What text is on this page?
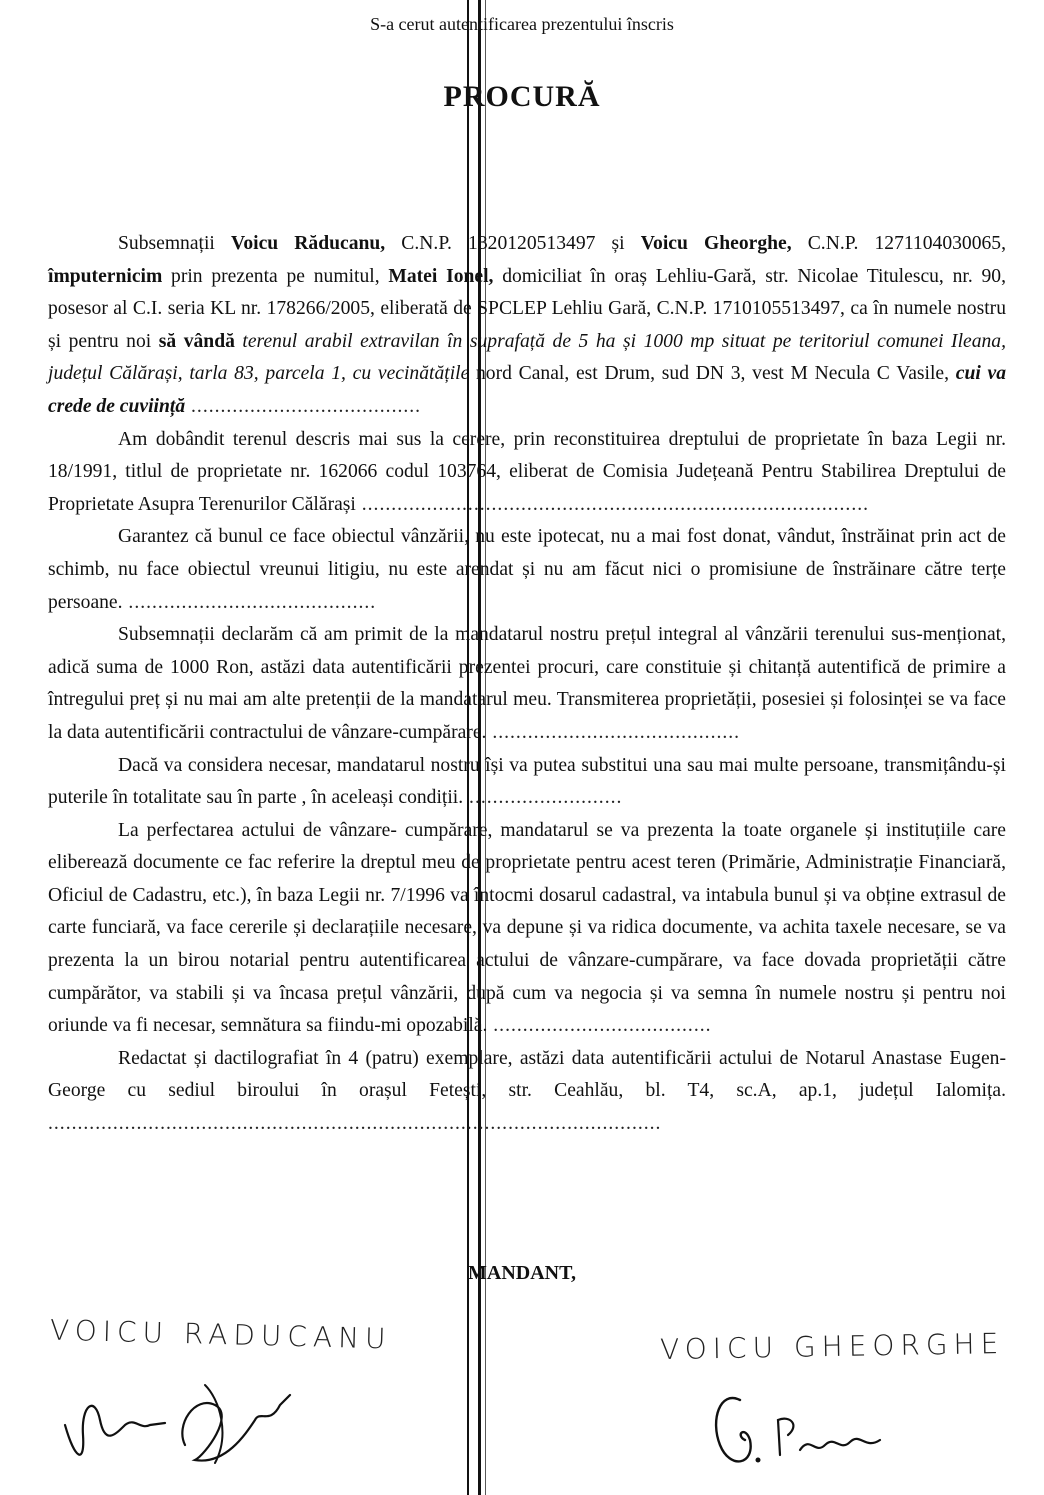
S-a cerut autentificarea prezentului înscris
PROCURĂ

Subsemnații Voicu Răducanu, C.N.P. 1320120513497 și Voicu Gheorghe, C.N.P. 1271104030065, împuternicim prin prezenta pe numitul, Matei Ionel, domiciliat în oraș Lehliu-Gară, str. Nicolae Titulescu, nr. 90, posesor al C.I. seria KL nr. 178266/2005, eliberată de SPCLEP Lehliu Gară, C.N.P. 1710105513497, ca în numele nostru și pentru noi să vândă terenul arabil extravilan în suprafață de 5 ha și 1000 mp situat pe teritoriul comunei Ileana, județul Călărași, tarla 83, parcela 1, cu vecinătățile nord Canal, est Drum, sud DN 3, vest M Necula C Vasile, cui va crede de cuviință .......................................

Am dobândit terenul descris mai sus la cerere, prin reconstituirea dreptului de proprietate în baza Legii nr. 18/1991, titlul de proprietate nr. 162066 codul 103764, eliberat de Comisia Județeană Pentru Stabilirea Dreptului de Proprietate Asupra Terenurilor Călărași ......................................................................................

Garantez că bunul ce face obiectul vânzării, nu este ipotecat, nu a mai fost donat, vândut, înstrăinat prin act de schimb, nu face obiectul vreunui litigiu, nu este arendat și nu am făcut nici o promisiune de înstrăinare către terțe persoane. ..........................................

Subsemnații declarăm că am primit de la mandatarul nostru prețul integral al vânzării terenului sus-menționat, adică suma de 1000 Ron, astăzi data autentificării prezentei procuri, care constituie și chitanță autentifică de primire a întregului preț și nu mai am alte pretenții de la mandatarul meu. Transmiterea proprietății, posesiei și folosinței se va face la data autentificării contractului de vânzare-cumpărare. ..........................................

Dacă va considera necesar, mandatarul nostru își va putea substitui una sau mai multe persoane, transmițându-și puterile în totalitate sau în parte , în aceleași condiții. ..........................

La perfectarea actului de vânzare- cumpărare, mandatarul se va prezenta la toate organele și instituțiile care eliberează documente ce fac referire la dreptul meu de proprietate pentru acest teren (Primărie, Administrație Financiară, Oficiul de Cadastru, etc.), în baza Legii nr. 7/1996 va întocmi dosarul cadastral, va intabula bunul și va obține extrasul de carte funciară, va face cererile și declarațiile necesare, va depune și va ridica documente, va achita taxele necesare, se va prezenta la un birou notarial pentru autentificarea actului de vânzare-cumpărare, va face dovada proprietății către cumpărător, va stabili și va încasa prețul vânzării, după cum va negocia și va semna în numele nostru și pentru noi oriunde va fi necesar, semnătura sa fiindu-mi opozabilă. .....................................

Redactat și dactilografiat în 4 (patru) exemplare, astăzi data autentificării actului de Notarul Anastase Eugen-George cu sediul biroului în orașul Fetești, str. Ceahlău, bl. T4, sc.A, ap.1, județul Ialomița. ........................................................................................................

MANDANT,
VOICU RADUCANU	VOICU GHEORGHE
